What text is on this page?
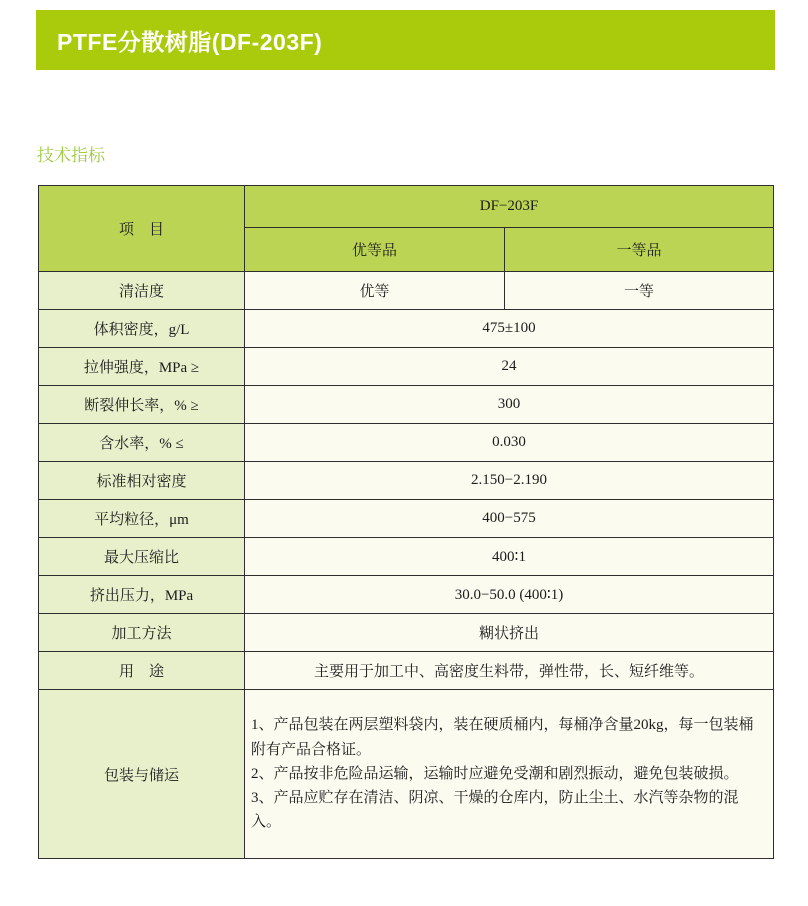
PTFE分散树脂(DF-203F)
技术指标
项　目	DF−203F	
	优等品	一等品
清洁度	优等	一等
体积密度，g/L	475±100	
拉伸强度，MPa ≥	24	
断裂伸长率，% ≥	300	
含水率，% ≤	0.030	
标准相对密度	2.150−2.190	
平均粒径，μm	400−575	
最大压缩比	400∶1	
挤出压力，MPa	30.0−50.0 (400∶1)	
加工方法	糊状挤出	
用　途	主要用于加工中、高密度生料带，弹性带，长、短纤维等。	
包装与储运	1、产品包装在两层塑料袋内，装在硬质桶内，每桶净含量20kg，每一包装桶附有产品合格证。
2、产品按非危险品运输，运输时应避免受潮和剧烈振动，避免包装破损。
3、产品应贮存在清洁、阴凉、干燥的仓库内，防止尘土、水汽等杂物的混入。	
